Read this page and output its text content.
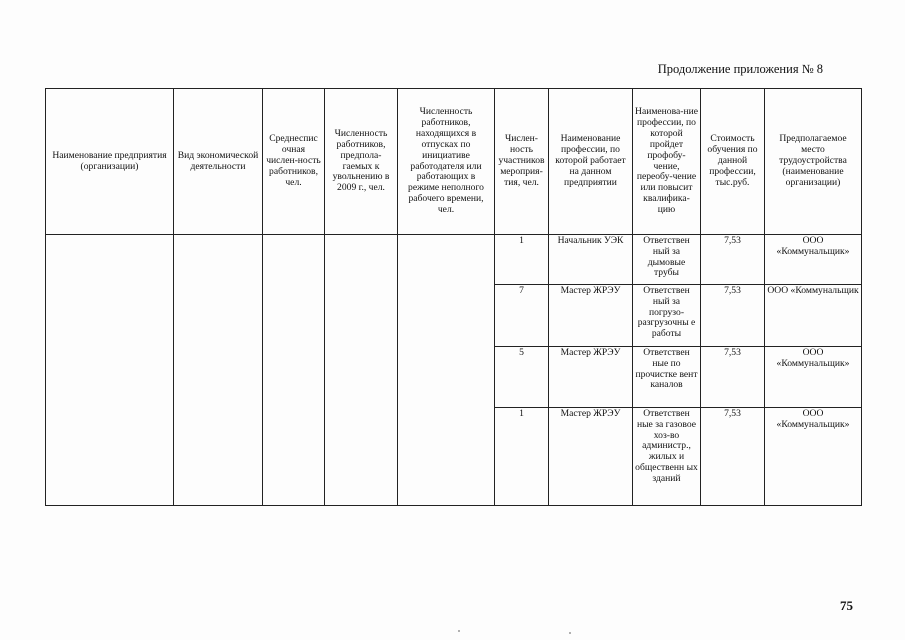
Продолжение приложения № 8
Наименование предприятия (организации)	Вид экономической деятельности	Среднеспис очная числен-ность работников, чел.	Численность работников, предпола-гаемых к увольнению в 2009 г., чел.	Численность работников, находящихся в отпусках по инициативе работодателя или работающих в режиме неполного рабочего времени, чел.	Числен-ность участников мероприя-тия, чел.	Наименование профессии, по которой работает на данном предприятии	Наименова-ние профессии, по которой пройдет профобу-чение, переобу-чение или повысит квалифика-цию	Стоимость обучения по данной профессии, тыс.руб.	Предполагаемое место трудоустройства (наименование организации)
					1	Начальник УЭК	Ответствен ный за дымовые трубы	7,53	ООО «Коммунальщик»
					7	Мастер ЖРЭУ	Ответствен ный за погрузо-разгрузочны е работы	7,53	ООО «Коммунальщик
					5	Мастер ЖРЭУ	Ответствен ные по прочистке вент каналов	7,53	ООО «Коммунальщик»
					1	Мастер ЖРЭУ	Ответствен ные за газовое хоз-во администр., жилых и общественн ых зданий	7,53	ООО «Коммунальщик»
75
